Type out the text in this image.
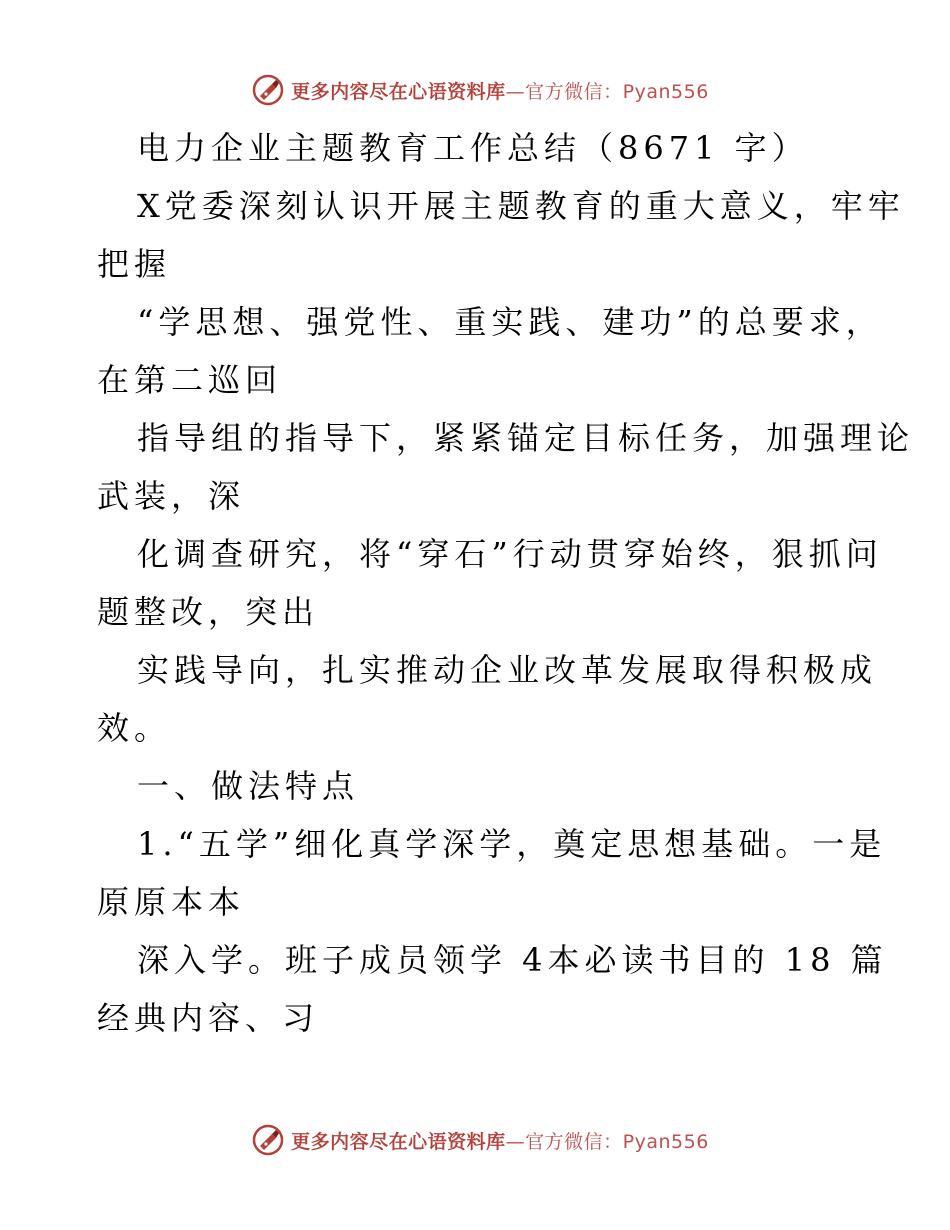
更多内容尽在心语资料库—官方微信：Pyan556
电力企业主题教育工作总结（8671 字）
X党委深刻认识开展主题教育的重大意义，牢牢
把握
“学思想、强党性、重实践、建功”的总要求，
在第二巡回
指导组的指导下，紧紧锚定目标任务，加强理论
武装，深
化调查研究，将“穿石”行动贯穿始终，狠抓问
题整改，突出
实践导向，扎实推动企业改革发展取得积极成
效。
一、做法特点
1.“五学”细化真学深学，奠定思想基础。一是
原原本本
深入学。班子成员领学 4本必读书目的 18 篇
经典内容、习
更多内容尽在心语资料库—官方微信：Pyan556
